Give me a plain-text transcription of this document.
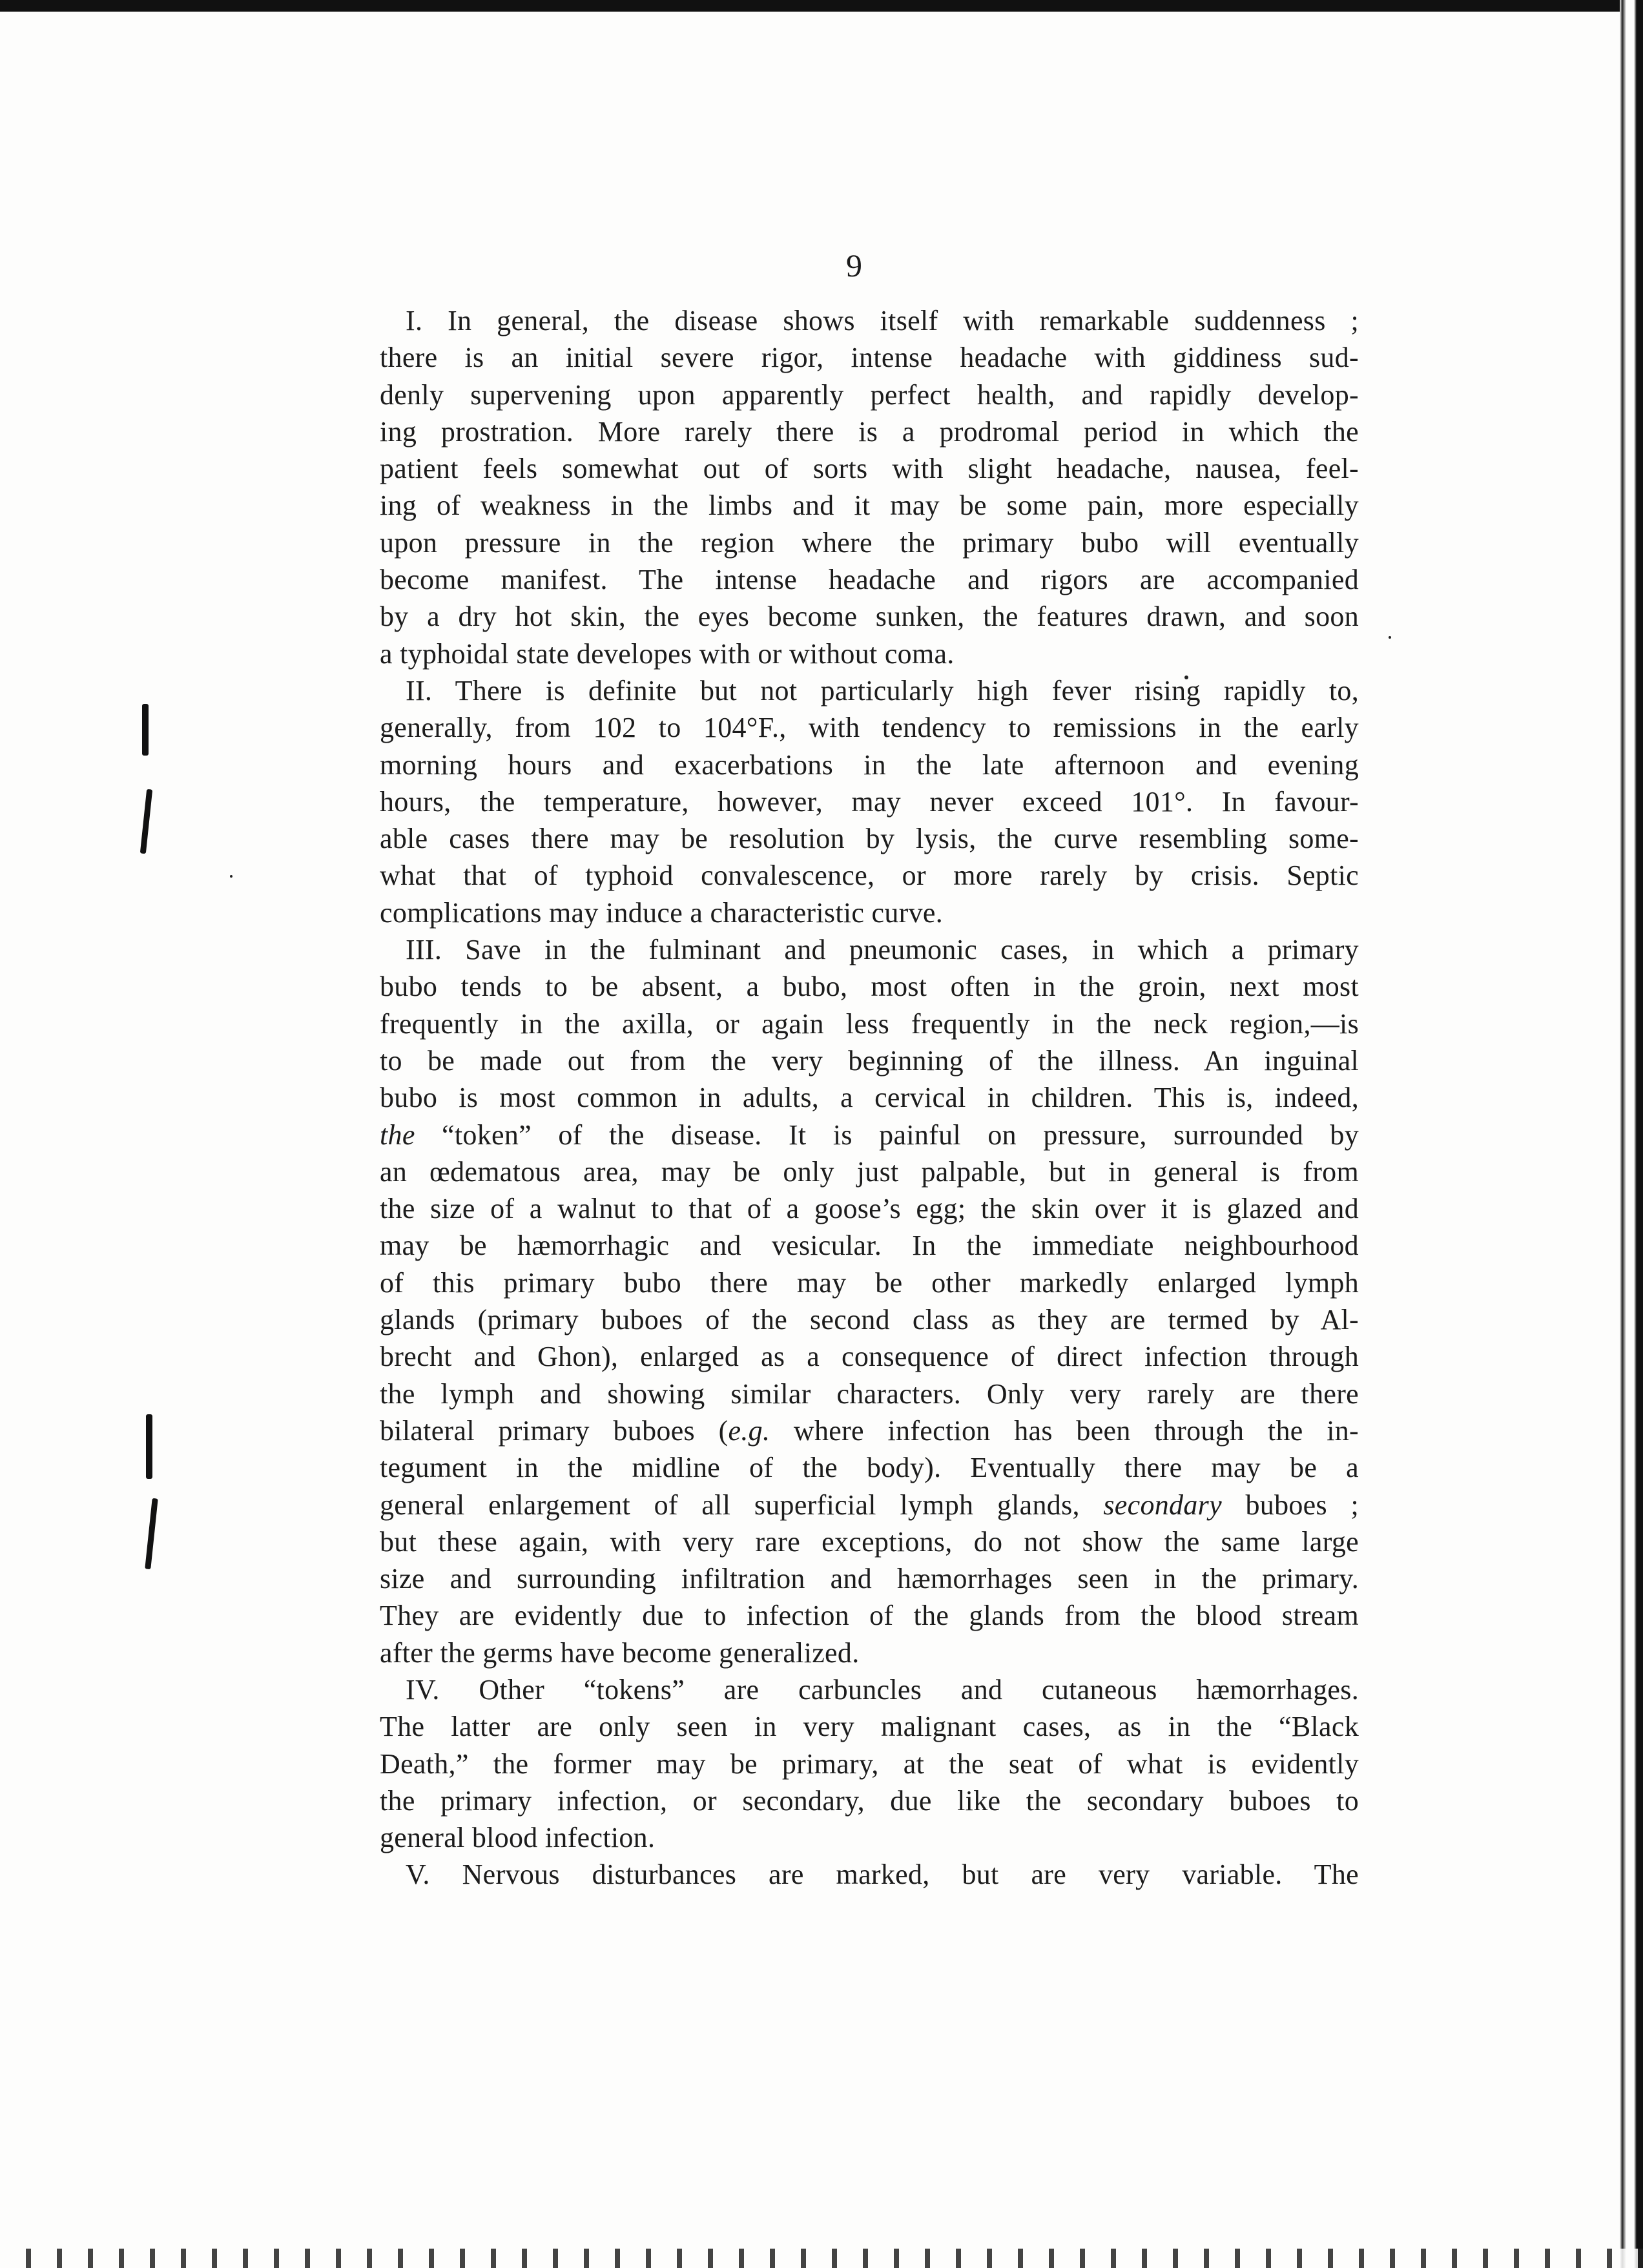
9
I. In general, the disease shows itself with remarkable suddenness ;
there is an initial severe rigor, intense headache with giddiness sud-
denly supervening upon apparently perfect health, and rapidly develop-
ing prostration. More rarely there is a prodromal period in which the
patient feels somewhat out of sorts with slight headache, nausea, feel-
ing of weakness in the limbs and it may be some pain, more especially
upon pressure in the region where the primary bubo will eventually
become manifest. The intense headache and rigors are accompanied
by a dry hot skin, the eyes become sunken, the features drawn, and soon
a typhoidal state developes with or without coma.
II. There is definite but not particularly high fever rising rapidly to,
generally, from 102 to 104°F., with tendency to remissions in the early
morning hours and exacerbations in the late afternoon and evening
hours, the temperature, however, may never exceed 101°. In favour-
able cases there may be resolution by lysis, the curve resembling some-
what that of typhoid convalescence, or more rarely by crisis. Septic
complications may induce a characteristic curve.
III. Save in the fulminant and pneumonic cases, in which a primary
bubo tends to be absent, a bubo, most often in the groin, next most
frequently in the axilla, or again less frequently in the neck region,—is
to be made out from the very beginning of the illness. An inguinal
bubo is most common in adults, a cervical in children. This is, indeed,
the “token” of the disease. It is painful on pressure, surrounded by
an œdematous area, may be only just palpable, but in general is from
the size of a walnut to that of a goose’s egg; the skin over it is glazed and
may be hæmorrhagic and vesicular. In the immediate neighbourhood
of this primary bubo there may be other markedly enlarged lymph
glands (primary buboes of the second class as they are termed by Al-
brecht and Ghon), enlarged as a consequence of direct infection through
the lymph and showing similar characters. Only very rarely are there
bilateral primary buboes (e.g. where infection has been through the in-
tegument in the midline of the body). Eventually there may be a
general enlargement of all superficial lymph glands, secondary buboes ;
but these again, with very rare exceptions, do not show the same large
size and surrounding infiltration and hæmorrhages seen in the primary.
They are evidently due to infection of the glands from the blood stream
after the germs have become generalized.
IV. Other “tokens” are carbuncles and cutaneous hæmorrhages.
The latter are only seen in very malignant cases, as in the “Black
Death,” the former may be primary, at the seat of what is evidently
the primary infection, or secondary, due like the secondary buboes to
general blood infection.
V. Nervous disturbances are marked, but are very variable. The
